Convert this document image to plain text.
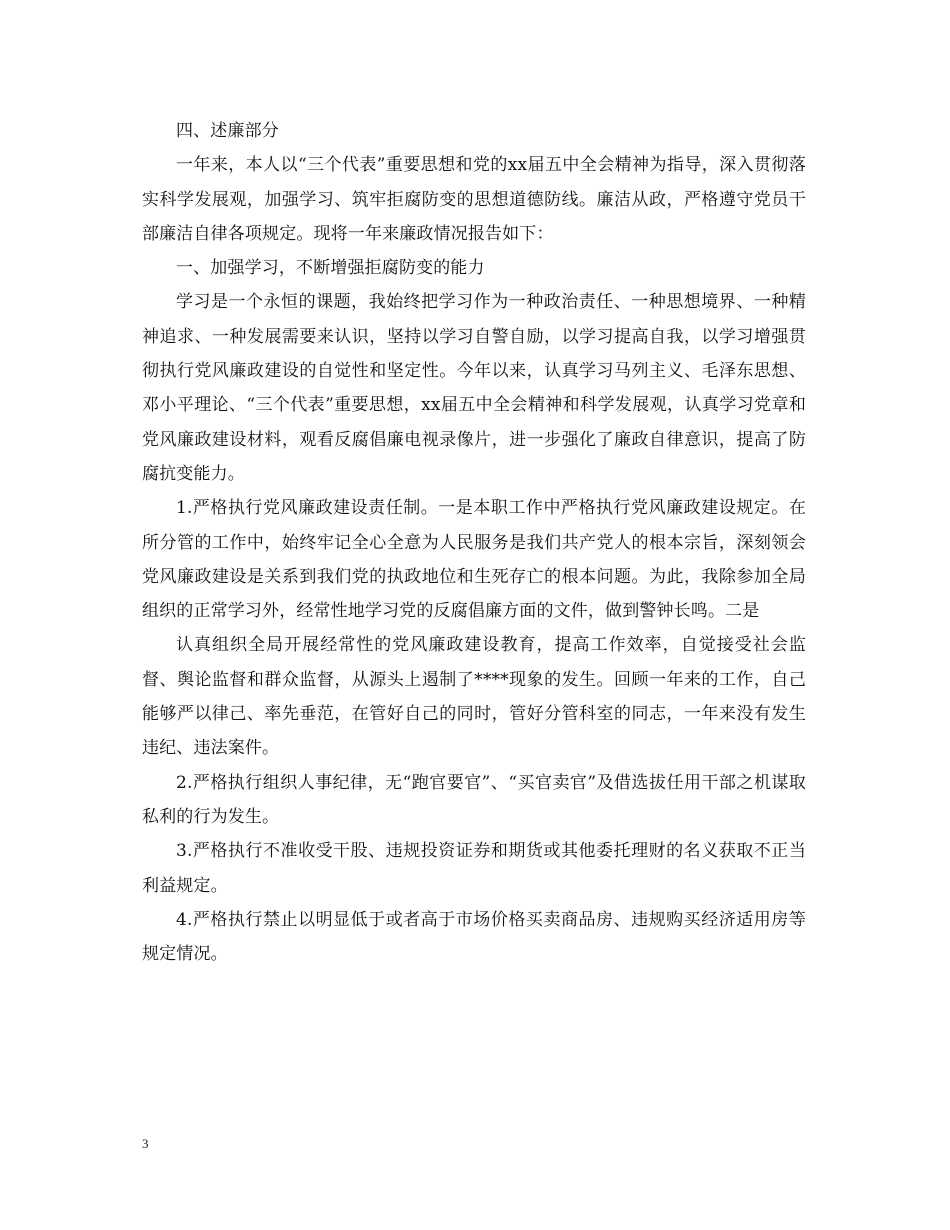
四、述廉部分

一年来，本人以“三个代表”重要思想和党的xx届五中全会精神为指导，深入贯彻落实科学发展观，加强学习、筑牢拒腐防变的思想道德防线。廉洁从政，严格遵守党员干部廉洁自律各项规定。现将一年来廉政情况报告如下：

一、加强学习，不断增强拒腐防变的能力

学习是一个永恒的课题，我始终把学习作为一种政治责任、一种思想境界、一种精神追求、一种发展需要来认识，坚持以学习自警自励，以学习提高自我，以学习增强贯彻执行党风廉政建设的自觉性和坚定性。今年以来，认真学习马列主义、毛泽东思想、邓小平理论、“三个代表”重要思想，xx届五中全会精神和科学发展观，认真学习党章和党风廉政建设材料，观看反腐倡廉电视录像片，进一步强化了廉政自律意识，提高了防腐抗变能力。

1.严格执行党风廉政建设责任制。一是本职工作中严格执行党风廉政建设规定。在所分管的工作中，始终牢记全心全意为人民服务是我们共产党人的根本宗旨，深刻领会党风廉政建设是关系到我们党的执政地位和生死存亡的根本问题。为此，我除参加全局组织的正常学习外，经常性地学习党的反腐倡廉方面的文件，做到警钟长鸣。二是

认真组织全局开展经常性的党风廉政建设教育，提高工作效率，自觉接受社会监督、舆论监督和群众监督，从源头上遏制了****现象的发生。回顾一年来的工作，自己能够严以律己、率先垂范，在管好自己的同时，管好分管科室的同志，一年来没有发生违纪、违法案件。

2.严格执行组织人事纪律，无“跑官要官”、“买官卖官”及借选拔任用干部之机谋取私利的行为发生。

3.严格执行不准收受干股、违规投资证券和期货或其他委托理财的名义获取不正当利益规定。

4.严格执行禁止以明显低于或者高于市场价格买卖商品房、违规购买经济适用房等规定情况。

3
